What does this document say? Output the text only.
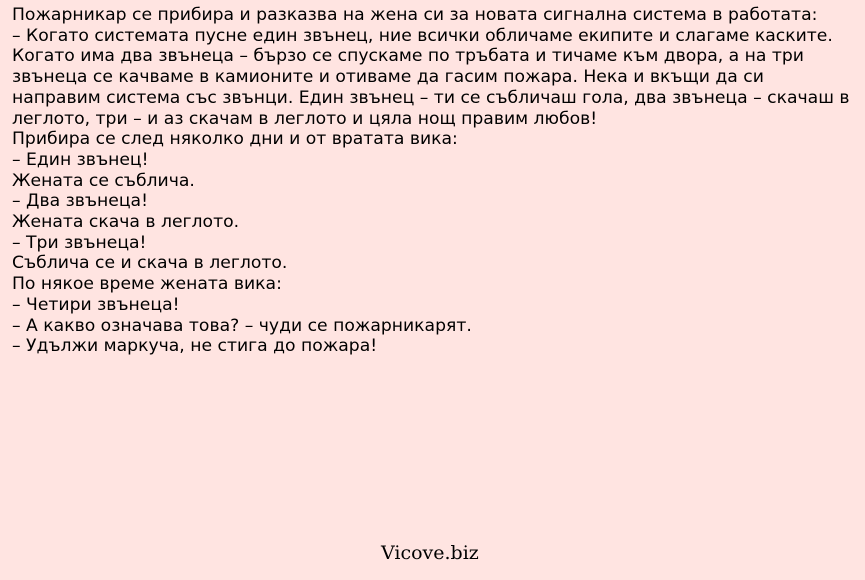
Пожарникар се прибира и разказва на жена си за новата сигнална система в работата:
– Когато системата пусне един звънец, ние всички обличаме екипите и слагаме каските. Когато има два звънеца – бързо се спускаме по тръбата и тичаме към двора, а на три звънеца се качваме в камионите и отиваме да гасим пожара. Нека и вкъщи да си направим система със звънци. Един звънец – ти се събличаш гола, два звънеца – скачаш в леглото, три – и аз скачам в леглото и цяла нощ правим любов!
Прибира се след няколко дни и от вратата вика:
– Един звънец!
Жената се съблича.
– Два звънеца!
Жената скача в леглото.
– Три звънеца!
Съблича се и скача в леглото.
По някое време жената вика:
– Четири звънеца!
– А какво означава това? – чуди се пожарникарят.
– Удължи маркуча, не стига до пожара!
Vicove.biz
